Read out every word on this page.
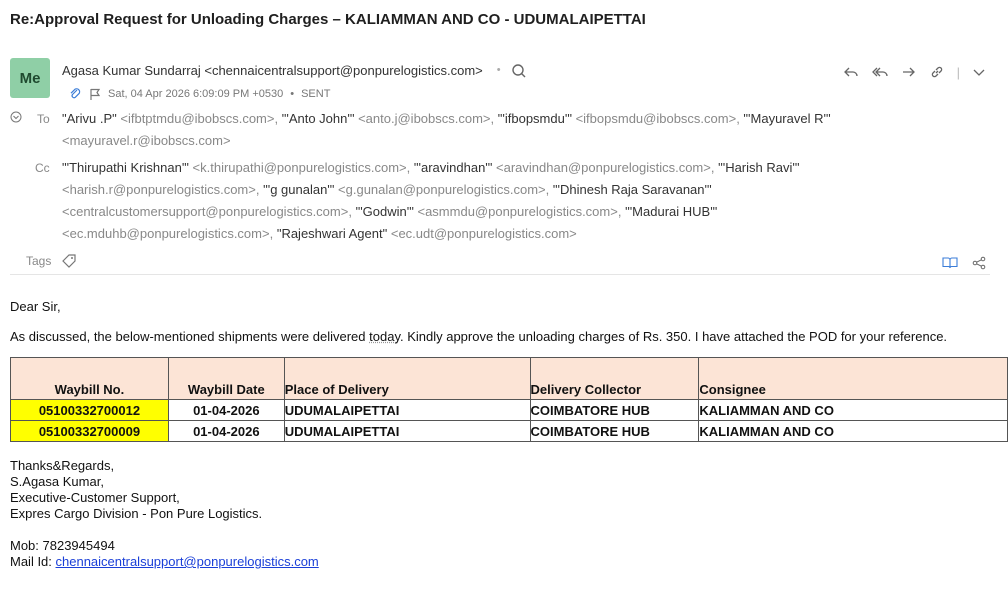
Re:Approval Request for Unloading Charges – KALIAMMAN AND CO - UDUMALAIPETTAI
Me	Agasa Kumar Sundarraj <chennaicentralsupport@ponpurelogistics.com> •
Sat, 04 Apr 2026 6:09:09 PM +0530 • SENT
|
To "Arivu .P" <ifbtptmdu@ibobscs.com>, "'Anto John'" <anto.j@ibobscs.com>, "'ifbopsmdu'" <ifbopsmdu@ibobscs.com>, "'Mayuravel R'" <mayuravel.r@ibobscs.com>
Cc "'Thirupathi Krishnan'" <k.thirupathi@ponpurelogistics.com>, "'aravindhan'" <aravindhan@ponpurelogistics.com>, "'Harish Ravi'" <harish.r@ponpurelogistics.com>, "'g gunalan'" <g.gunalan@ponpurelogistics.com>, "'Dhinesh Raja Saravanan'" <centralcustomersupport@ponpurelogistics.com>, "'Godwin'" <asmmdu@ponpurelogistics.com>, "'Madurai HUB'" <ec.mduhb@ponpurelogistics.com>, "Rajeshwari Agent" <ec.udt@ponpurelogistics.com>
Tags
Dear Sir,
As discussed, the below-mentioned shipments were delivered today. Kindly approve the unloading charges of Rs. 350. I have attached the POD for your reference.
Waybill No.	Waybill Date	Place of Delivery	Delivery Collector	Consignee
05100332700012	01-04-2026	UDUMALAIPETTAI	COIMBATORE HUB	KALIAMMAN AND CO
05100332700009	01-04-2026	UDUMALAIPETTAI	COIMBATORE HUB	KALIAMMAN AND CO
Thanks&Regards,
S.Agasa Kumar,
Executive-Customer Support,
Expres Cargo Division - Pon Pure Logistics.
Mob: 7823945494
Mail Id: chennaicentralsupport@ponpurelogistics.com
